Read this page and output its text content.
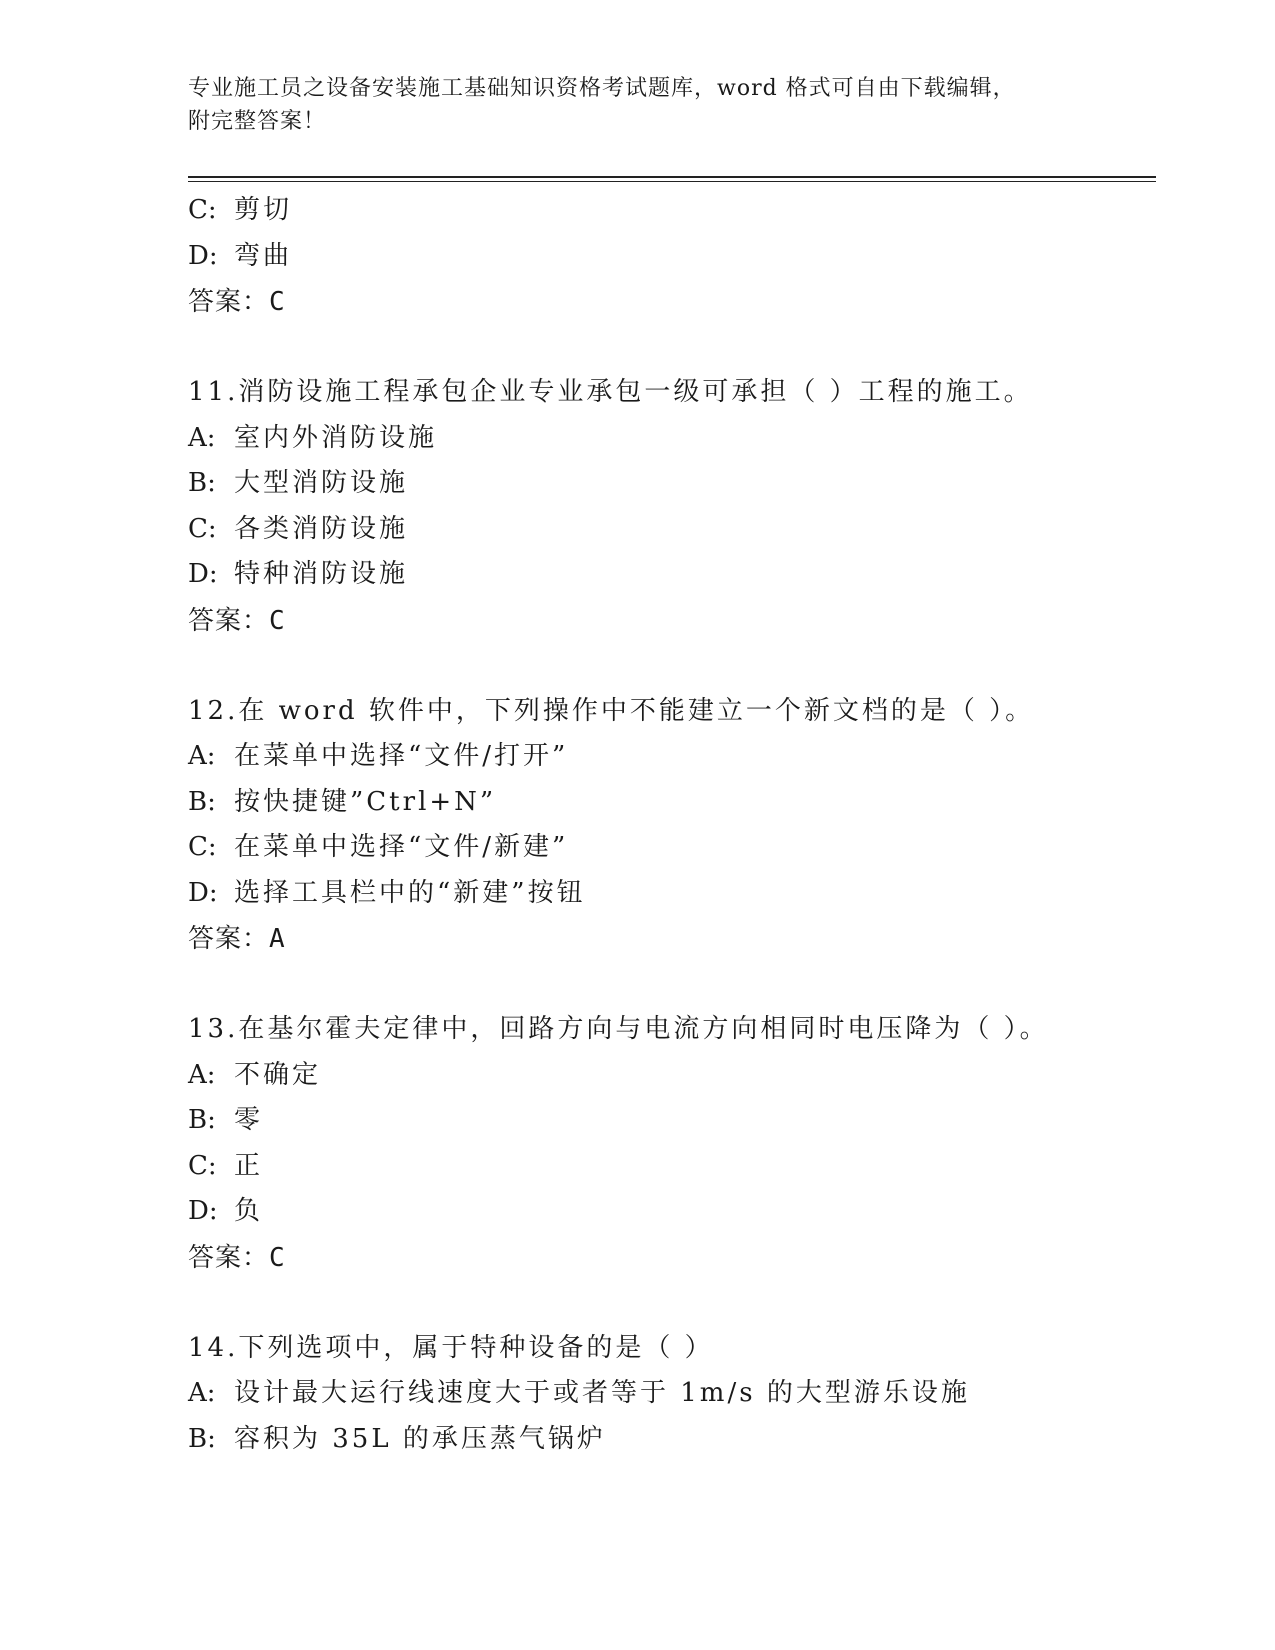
专业施工员之设备安装施工基础知识资格考试题库，word 格式可自由下载编辑，
附完整答案！
C: 剪切
D: 弯曲
答案：C
11.消防设施工程承包企业专业承包一级可承担（ ）工程的施工。
A: 室内外消防设施
B: 大型消防设施
C: 各类消防设施
D: 特种消防设施
答案：C
12.在 word 软件中，下列操作中不能建立一个新文档的是（ ）。
A: 在菜单中选择“文件/打开”
B: 按快捷键”Ctrl+N”
C: 在菜单中选择“文件/新建”
D: 选择工具栏中的“新建”按钮
答案：A
13.在基尔霍夫定律中，回路方向与电流方向相同时电压降为（ ）。
A: 不确定
B: 零
C: 正
D: 负
答案：C
14.下列选项中，属于特种设备的是（ ）
A: 设计最大运行线速度大于或者等于 1m/s 的大型游乐设施
B: 容积为 35L 的承压蒸气锅炉
